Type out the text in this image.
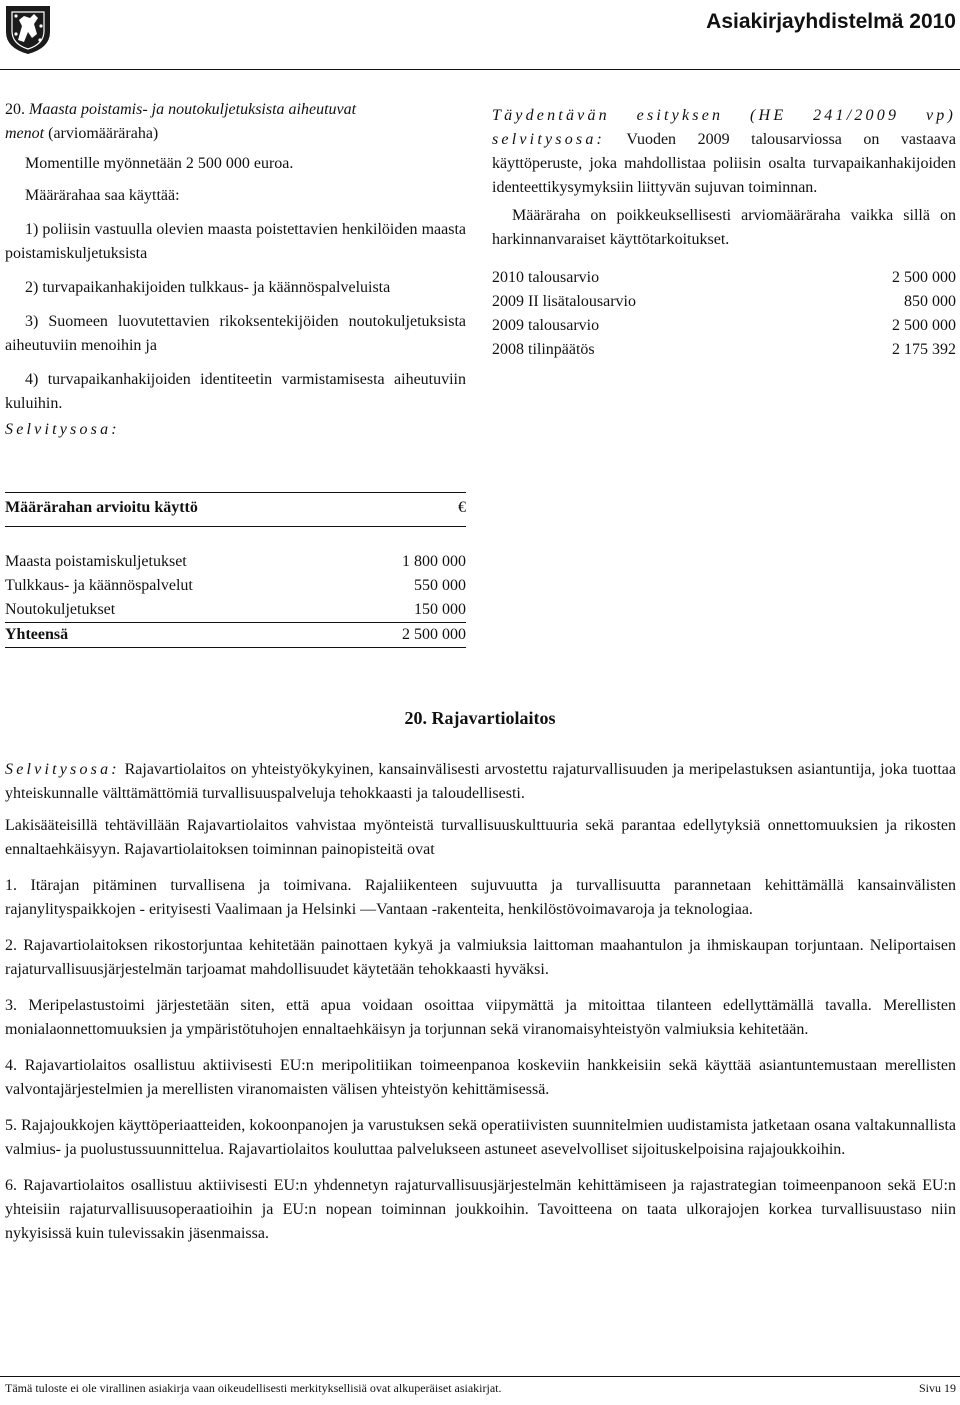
Asiakirjayhdistelmä 2010

20. Maasta poistamis- ja noutokuljetuksista aiheutuvat

menot (arviomääräraha)

Momentille myönnetään 2 500 000 euroa.

Määrärahaa saa käyttää:

1) poliisin vastuulla olevien maasta poistettavien henkilöiden maasta poistamiskuljetuksista

2) turvapaikanhakijoiden tulkkaus- ja käännöspalveluista

3) Suomeen luovutettavien rikoksentekijöiden noutokuljetuksista aiheutuviin menoihin ja

4) turvapaikanhakijoiden identiteetin varmistamisesta aiheutuviin kuluihin.

Selvitysosa:

Määrärahan arvioitu käyttö	€
Maasta poistamiskuljetukset	1 800 000
Tulkkaus- ja käännöspalvelut	550 000
Noutokuljetukset	150 000
Yhteensä	2 500 000

Täydentävän esityksen (HE 241/2009 vp) selvitysosa: Vuoden 2009 talousarviossa on vastaava käyttöperuste, joka mahdollistaa poliisin osalta turvapaikanhakijoiden identeettikysymyksiin liittyvän sujuvan toiminnan.

Määräraha on poikkeuksellisesti arviomääräraha vaikka sillä on harkinnanvaraiset käyttötarkoitukset.

2010 talousarvio	2 500 000
2009 II lisätalousarvio	850 000
2009 talousarvio	2 500 000
2008 tilinpäätös	2 175 392
20. Rajavartiolaitos

Selvitysosa: Rajavartiolaitos on yhteistyökykyinen, kansainvälisesti arvostettu rajaturvallisuuden ja meripelastuksen asiantuntija, joka tuottaa yhteiskunnalle välttämättömiä turvallisuuspalveluja tehokkaasti ja taloudellisesti.

Lakisääteisillä tehtävillään Rajavartiolaitos vahvistaa myönteistä turvallisuuskulttuuria sekä parantaa edellytyksiä onnettomuuksien ja rikosten ennaltaehkäisyyn. Rajavartiolaitoksen toiminnan painopisteitä ovat

1. Itärajan pitäminen turvallisena ja toimivana. Rajaliikenteen sujuvuutta ja turvallisuutta parannetaan kehittämällä kansainvälisten rajanylityspaikkojen - erityisesti Vaalimaan ja Helsinki —Vantaan -rakenteita, henkilöstövoimavaroja ja teknologiaa.

2. Rajavartiolaitoksen rikostorjuntaa kehitetään painottaen kykyä ja valmiuksia laittoman maahantulon ja ihmiskaupan torjuntaan. Neliportaisen rajaturvallisuusjärjestelmän tarjoamat mahdollisuudet käytetään tehokkaasti hyväksi.

3. Meripelastustoimi järjestetään siten, että apua voidaan osoittaa viipymättä ja mitoittaa tilanteen edellyttämällä tavalla. Merellisten monialaonnettomuuksien ja ympäristötuhojen ennaltaehkäisyn ja torjunnan sekä viranomaisyhteistyön valmiuksia kehitetään.

4. Rajavartiolaitos osallistuu aktiivisesti EU:n meripolitiikan toimeenpanoa koskeviin hankkeisiin sekä käyttää asiantuntemustaan merellisten valvontajärjestelmien ja merellisten viranomaisten välisen yhteistyön kehittämisessä.

5. Rajajoukkojen käyttöperiaatteiden, kokoonpanojen ja varustuksen sekä operatiivisten suunnitelmien uudistamista jatketaan osana valtakunnallista valmius- ja puolustussuunnittelua. Rajavartiolaitos kouluttaa palvelukseen astuneet asevelvolliset sijoituskelpoisina rajajoukkoihin.

6. Rajavartiolaitos osallistuu aktiivisesti EU:n yhdennetyn rajaturvallisuusjärjestelmän kehittämiseen ja rajastrategian toimeenpanoon sekä EU:n yhteisiin rajaturvallisuusoperaatioihin ja EU:n nopean toiminnan joukkoihin. Tavoitteena on taata ulkorajojen korkea turvallisuustaso niin nykyisissä kuin tulevissakin jäsenmaissa.

Tämä tuloste ei ole virallinen asiakirja vaan oikeudellisesti merkityksellisiä ovat alkuperäiset asiakirjat.	Sivu 19
